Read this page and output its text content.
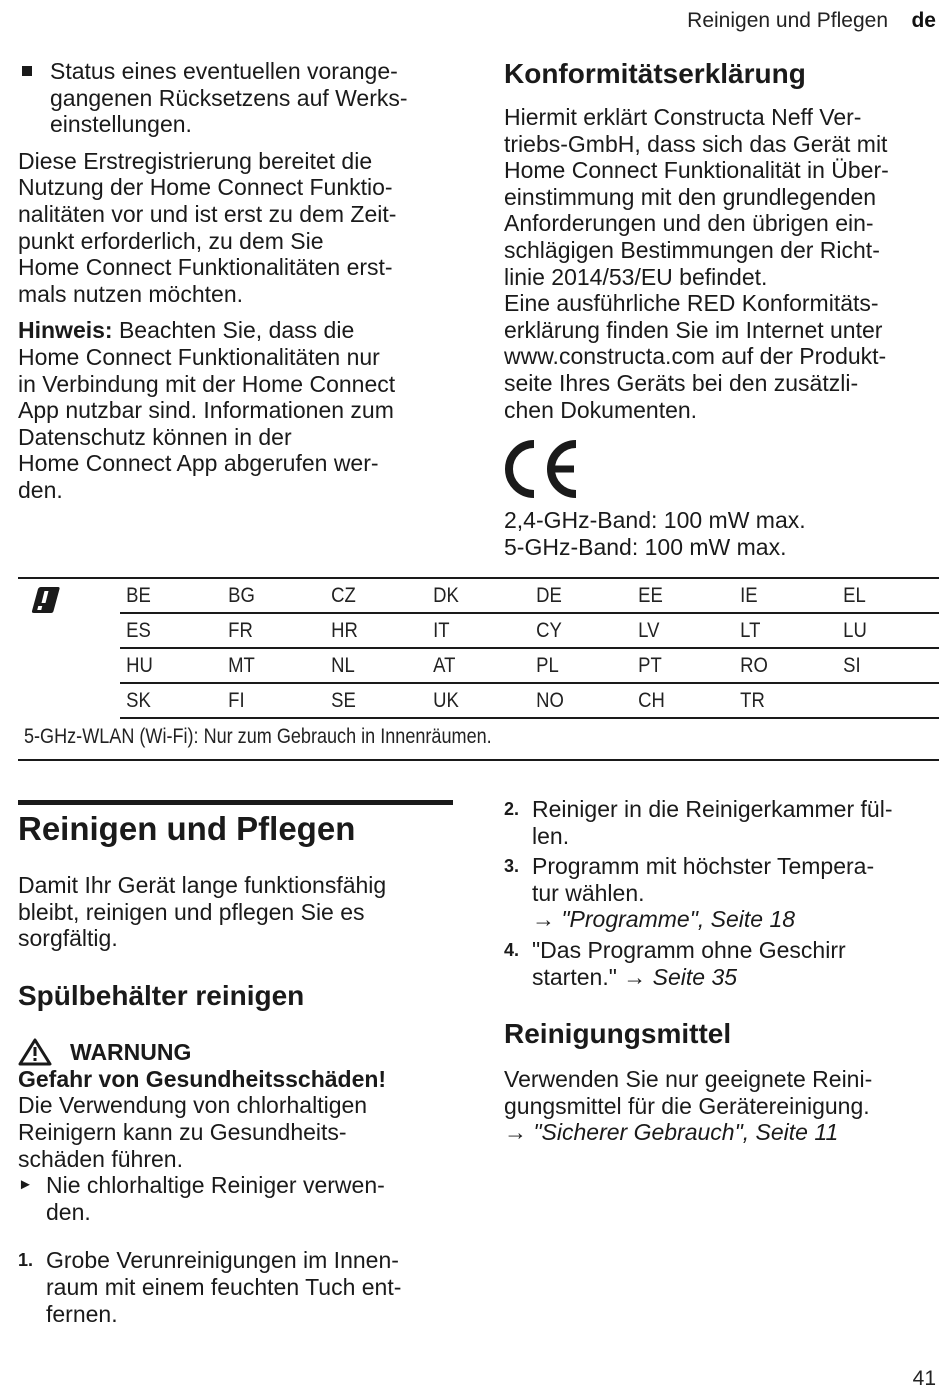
Reinigen und Pflegen de

Status eines eventuellen vorange-
gangenen Rücksetzens auf Werks-
einstellungen.

Diese Erstregistrierung bereitet die
Nutzung der Home Connect Funktio-
nalitäten vor und ist erst zu dem Zeit-
punkt erforderlich, zu dem Sie
Home Connect Funktionalitäten erst-
mals nutzen möchten.

Hinweis: Beachten Sie, dass die
Home Connect Funktionalitäten nur
in Verbindung mit der Home Connect
App nutzbar sind. Informationen zum
Datenschutz können in der
Home Connect App abgerufen wer-
den.

Konformitätserklärung

Hiermit erklärt Constructa Neff Ver-
triebs-GmbH, dass sich das Gerät mit
Home Connect Funktionalität in Über-
einstimmung mit den grundlegenden
Anforderungen und den übrigen ein-
schlägigen Bestimmungen der Richt-
linie 2014/53/EU befindet.
Eine ausführliche RED Konformitäts-
erklärung finden Sie im Internet unter
www.constructa.com auf der Produkt-
seite Ihres Geräts bei den zusätzli-
chen Dokumenten.

2,4-GHz-Band: 100 mW max.

5-GHz-Band: 100 mW max.

BE	BG	CZ	DK	DE	EE	IE	EL
ES	FR	HR	IT	CY	LV	LT	LU
HU	MT	NL	AT	PL	PT	RO	SI
SK	FI	SE	UK	NO	CH	TR
5-GHz-WLAN (Wi-Fi): Nur zum Gebrauch in Innenräumen.
Reinigen und Pflegen

Damit Ihr Gerät lange funktionsfähig
bleibt, reinigen und pflegen Sie es
sorgfältig.

Spülbehälter reinigen
WARNUNG

Gefahr von Gesundheitsschäden!

Die Verwendung von chlorhaltigen
Reinigern kann zu Gesundheits-
schäden führen.

► Nie chlorhaltige Reiniger verwen-
den.

1. Grobe Verunreinigungen im Innen-
raum mit einem feuchten Tuch ent-
fernen.

2. Reiniger in die Reinigerkammer fül-
len.

3. Programm mit höchster Tempera-
tur wählen.

→ "Programme", Seite 18

4. "Das Programm ohne Geschirr
starten." → Seite 35

Reinigungsmittel

Verwenden Sie nur geeignete Reini-
gungsmittel für die Gerätereinigung.

→ "Sicherer Gebrauch", Seite 11

41
